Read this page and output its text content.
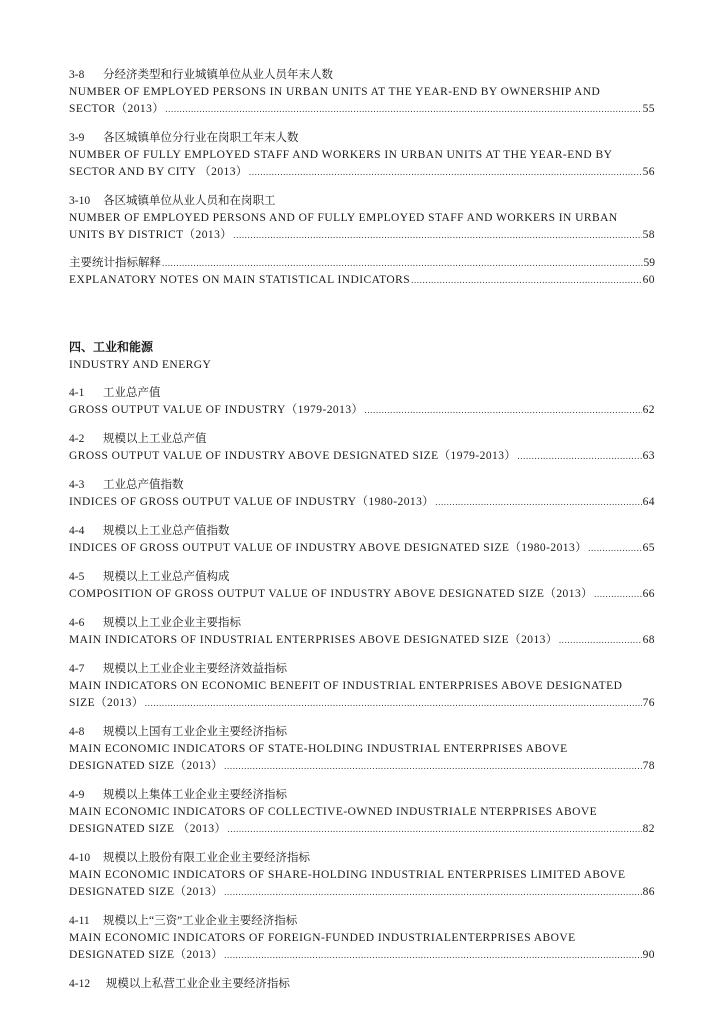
3-8 分经济类型和行业城镇单位从业人员年末人数
NUMBER OF EMPLOYED PERSONS IN URBAN UNITS AT THE YEAR-END BY OWNERSHIP AND
SECTOR（2013） .....	55
3-9 各区城镇单位分行业在岗职工年末人数
NUMBER OF FULLY EMPLOYED STAFF AND WORKERS IN URBAN UNITS AT THE YEAR-END BY
SECTOR AND BY CITY （2013） .....	56
3-10 各区城镇单位从业人员和在岗职工
NUMBER OF EMPLOYED PERSONS AND OF FULLY EMPLOYED STAFF AND WORKERS IN URBAN
UNITS BY DISTRICT（2013） .....	58
主要统计指标解释 .....	59
EXPLANATORY NOTES ON MAIN STATISTICAL INDICATORS .....	60
四、工业和能源
INDUSTRY AND ENERGY
4-1 工业总产值
GROSS OUTPUT VALUE OF INDUSTRY（1979-2013） .....	62
4-2 规模以上工业总产值
GROSS OUTPUT VALUE OF INDUSTRY ABOVE DESIGNATED SIZE（1979-2013） .....	63
4-3 工业总产值指数
INDICES OF GROSS OUTPUT VALUE OF INDUSTRY（1980-2013） .....	64
4-4 规模以上工业总产值指数
INDICES OF GROSS OUTPUT VALUE OF INDUSTRY ABOVE DESIGNATED SIZE（1980-2013） .....	65
4-5 规模以上工业总产值构成
COMPOSITION OF GROSS OUTPUT VALUE OF INDUSTRY ABOVE DESIGNATED SIZE（2013） .....	66
4-6 规模以上工业企业主要指标
MAIN INDICATORS OF INDUSTRIAL ENTERPRISES ABOVE DESIGNATED SIZE（2013） .....	68
4-7 规模以上工业企业主要经济效益指标
MAIN INDICATORS ON ECONOMIC BENEFIT OF INDUSTRIAL ENTERPRISES ABOVE DESIGNATED
SIZE（2013） .....	76
4-8 规模以上国有工业企业主要经济指标
MAIN ECONOMIC INDICATORS OF STATE-HOLDING INDUSTRIAL ENTERPRISES ABOVE
DESIGNATED SIZE（2013） .....	78
4-9 规模以上集体工业企业主要经济指标
MAIN ECONOMIC INDICATORS OF COLLECTIVE-OWNED INDUSTRIALE NTERPRISES ABOVE
DESIGNATED SIZE （2013） .....	82
4-10 规模以上股份有限工业企业主要经济指标
MAIN ECONOMIC INDICATORS OF SHARE-HOLDING INDUSTRIAL ENTERPRISES LIMITED ABOVE
DESIGNATED SIZE（2013） .....	86
4-11 规模以上“三资”工业企业主要经济指标
MAIN ECONOMIC INDICATORS OF FOREIGN-FUNDED INDUSTRIALENTERPRISES ABOVE
DESIGNATED SIZE（2013） .....	90
4-12 规模以上私营工业企业主要经济指标
